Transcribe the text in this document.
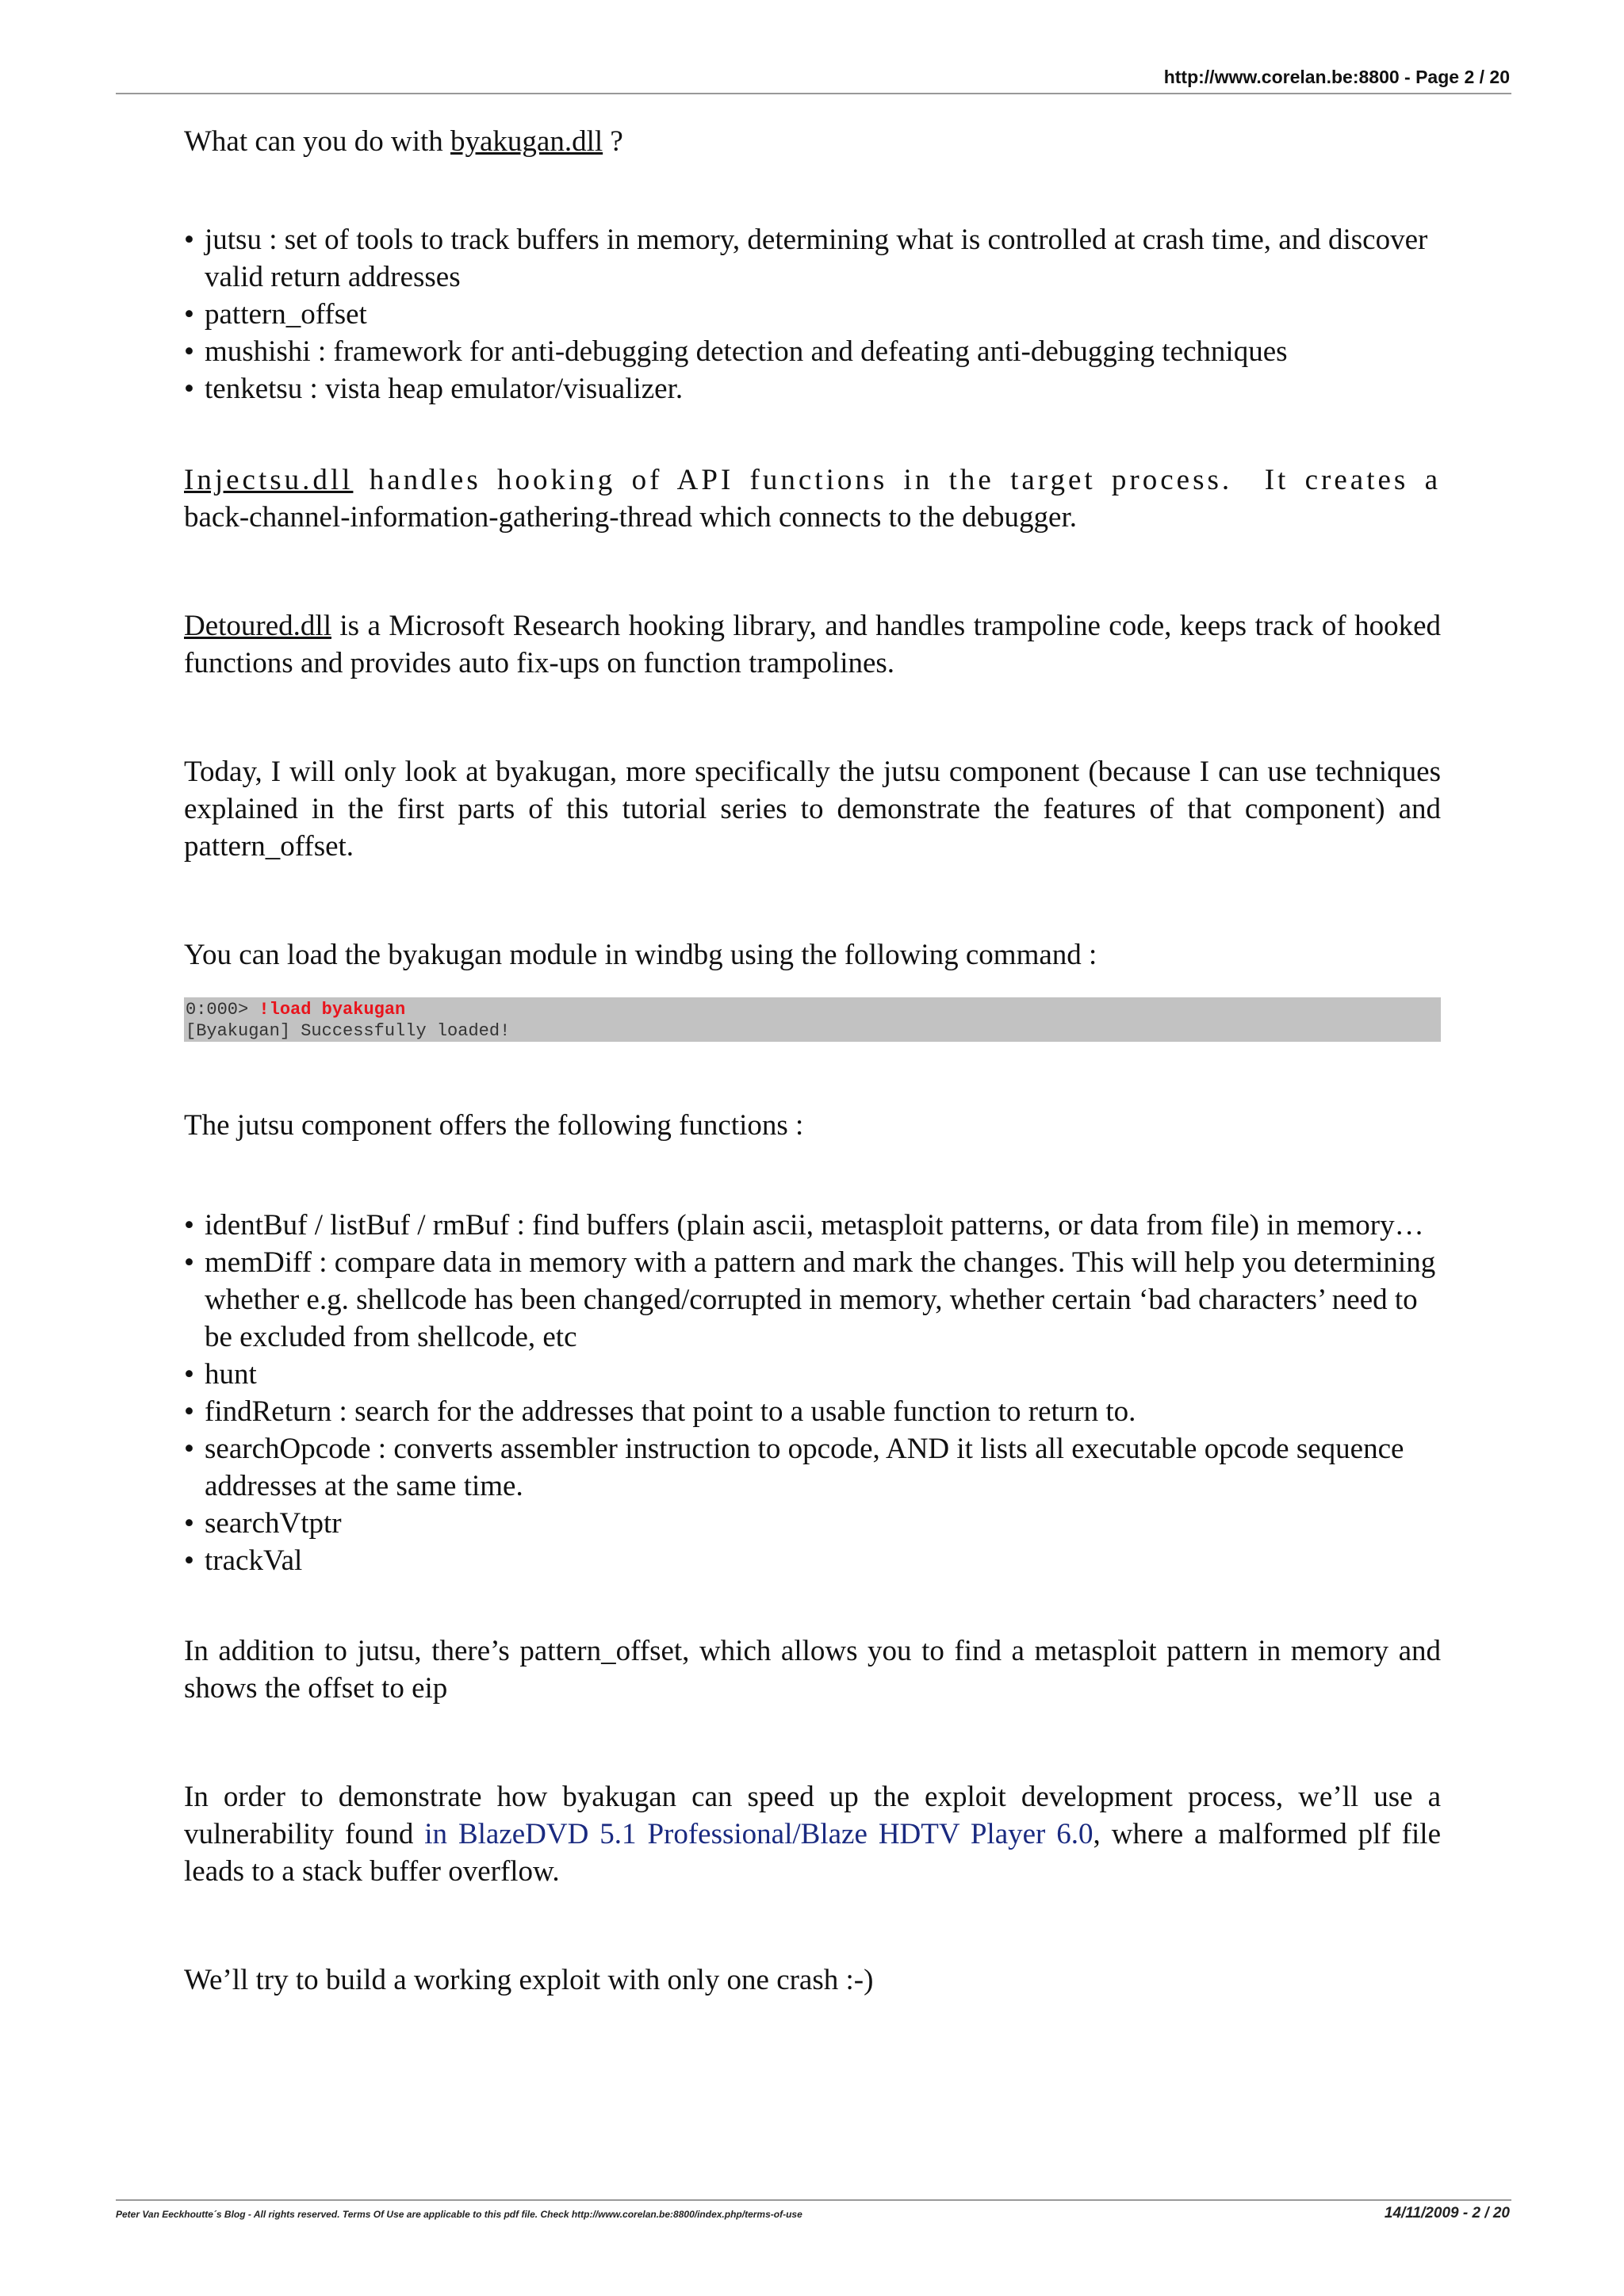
http://www.corelan.be:8800 - Page 2 / 20

What can you do with byakugan.dll ?

• jutsu : set of tools to track buffers in memory, determining what is controlled at crash time, and discover valid return addresses
• pattern_offset
• mushishi : framework for anti-debugging detection and defeating anti-debugging techniques
• tenketsu : vista heap emulator/visualizer.
Injectsu.dll handles hooking of API functions in the target process.  It creates a
back-channel-information-gathering-thread which connects to the debugger.

Detoured.dll is a Microsoft Research hooking library, and handles trampoline code, keeps track of hooked functions and provides auto fix-ups on function trampolines.

Today, I will only look at byakugan, more specifically the jutsu component (because I can use techniques explained in the first parts of this tutorial series to demonstrate the features of that component) and pattern_offset.

You can load the byakugan module in windbg using the following command :

0:000> !load byakugan
[Byakugan] Successfully loaded!

The jutsu component offers the following functions :

• identBuf / listBuf / rmBuf : find buffers (plain ascii, metasploit patterns, or data from file) in memory…
• memDiff : compare data in memory with a pattern and mark the changes. This will help you determining whether e.g. shellcode has been changed/corrupted in memory, whether certain ‘bad characters’ need to be excluded from shellcode, etc
• hunt
• findReturn : search for the addresses that point to a usable function to return to.
• searchOpcode : converts assembler instruction to opcode, AND it lists all executable opcode sequence addresses at the same time.
• searchVtptr
• trackVal

In addition to jutsu, there’s pattern_offset, which allows you to find a metasploit pattern in memory and shows the offset to eip

In order to demonstrate how byakugan can speed up the exploit development process, we’ll use a vulnerability found in BlazeDVD 5.1 Professional/Blaze HDTV Player 6.0, where a malformed plf file leads to a stack buffer overflow.

We’ll try to build a working exploit with only one crash :-)

Peter Van Eeckhoutte´s Blog - All rights reserved. Terms Of Use are applicable to this pdf file. Check http://www.corelan.be:8800/index.php/terms-of-use	14/11/2009 - 2 / 20
